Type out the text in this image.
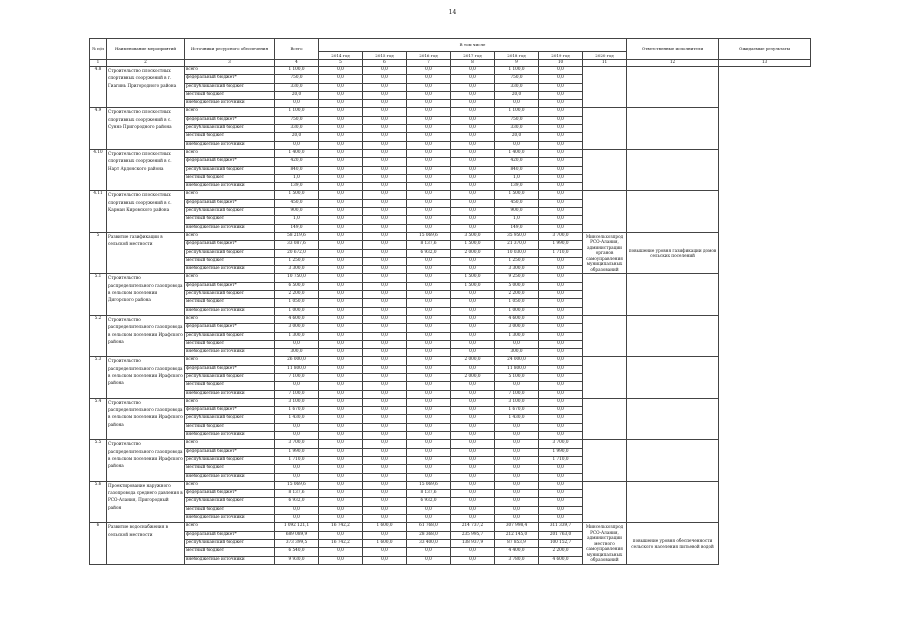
14
№ п/п	Наименование мероприятий	Источники ресурсного обеспечения	Всего	В том числе							Ответственные исполнители	Ожидаемые результаты
				2014 год	2015 год	2016 год	2017 год	2018 год	2019 год	2020 год		
1	2	3	4	5	6	7	8	9	10	11	12	13
4.8	Строительство плоскостных спортивных сооружений в г. Гиагинь Пригородного района	всего	1 100,0	0,0	0,0	0,0	0,0	1 100,0	0,0			
		федеральный бюджет*	750,0	0,0	0,0	0,0	0,0	750,0	0,0			
		республиканский бюджет	330,0	0,0	0,0	0,0	0,0	330,0	0,0			
		местный бюджет	20,0	0,0	0,0	0,0	0,0	20,0	0,0			
		внебюджетные источники	0,0	0,0	0,0	0,0	0,0	0,0	0,0			
4.9	Строительство плоскостных спортивных сооружений в с. Суннэ Пригородного района	всего	1 100,0	0,0	0,0	0,0	0,0	1 100,0	0,0			
		федеральный бюджет*	750,0	0,0	0,0	0,0	0,0	750,0	0,0			
		республиканский бюджет	330,0	0,0	0,0	0,0	0,0	330,0	0,0			
		местный бюджет	20,0	0,0	0,0	0,0	0,0	20,0	0,0			
		внебюджетные источники	0,0	0,0	0,0	0,0	0,0	0,0	0,0			
4.10	Строительство плоскостных спортивных сооружений в с. Нарт Ардонского района	всего	1 400,0	0,0	0,0	0,0	0,0	1 400,0	0,0			
		федеральный бюджет*	420,0	0,0	0,0	0,0	0,0	420,0	0,0			
		республиканский бюджет	840,0	0,0	0,0	0,0	0,0	840,0	0,0			
		местный бюджет	1,0	0,0	0,0	0,0	0,0	1,0	0,0			
		внебюджетные источники	139,0	0,0	0,0	0,0	0,0	139,0	0,0			
4.11	Строительство плоскостных спортивных сооружений в с. Карман Кировского района	всего	1 500,0	0,0	0,0	0,0	0,0	1 500,0	0,0			
		федеральный бюджет*	450,0	0,0	0,0	0,0	0,0	450,0	0,0			
		республиканский бюджет	900,0	0,0	0,0	0,0	0,0	900,0	0,0			
		местный бюджет	1,0	0,0	0,0	0,0	0,0	1,0	0,0			
		внебюджетные источники	149,0	0,0	0,0	0,0	0,0	149,0	0,0			
5	Развитие газификации в сельской местности	всего	58 219,6	0,0	0,0	15 069,6	3 500,0	35 950,0	3 700,0	Минсельхозпрод РСО-Алания, администрации органов самоуправления муниципальных образований	повышение уровня газификации домов сельских поселений	
		федеральный бюджет*	33 087,6	0,0	0,0	8 137,6	1 500,0	21 370,0	1 990,0			
		республиканский бюджет	20 672,0	0,0	0,0	6 932,0	2 000,0	10 030,0	1 710,0			
		местный бюджет	1 250,0	0,0	0,0	0,0	0,0	1 250,0	0,0			
		внебюджетные источники	3 300,0	0,0	0,0	0,0	0,0	3 300,0	0,0			
5.1	Строительство распределительного газопровода в сельском поселении Дигорского района	всего	10 750,0	0,0	0,0	0,0	1 500,0	9 250,0	0,0			
		федеральный бюджет*	6 500,0	0,0	0,0	0,0	1 500,0	5 000,0	0,0			
		республиканский бюджет	2 200,0	0,0	0,0	0,0	0,0	2 200,0	0,0			
		местный бюджет	1 050,0	0,0	0,0	0,0	0,0	1 050,0	0,0			
		внебюджетные источники	1 000,0	0,0	0,0	0,0	0,0	1 000,0	0,0			
5.2	Строительство распределительного газопровода в сельском поселении Ирафского района	всего	4 600,0	0,0	0,0	0,0	0,0	4 600,0	0,0			
		федеральный бюджет*	3 000,0	0,0	0,0	0,0	0,0	3 000,0	0,0			
		республиканский бюджет	1 300,0	0,0	0,0	0,0	0,0	1 300,0	0,0			
		местный бюджет	0,0	0,0	0,0	0,0	0,0	0,0	0,0			
		внебюджетные источники	300,0	0,0	0,0	0,0	0,0	300,0	0,0			
5.3	Строительство распределительного газопровода в сельском поселении Ирафского района	всего	26 000,0	0,0	0,0	0,0	2 000,0	24 000,0	0,0			
		федеральный бюджет*	11 800,0	0,0	0,0	0,0	0,0	11 800,0	0,0			
		республиканский бюджет	7 100,0	0,0	0,0	0,0	2 000,0	5 100,0	0,0			
		местный бюджет	0,0	0,0	0,0	0,0	0,0	0,0	0,0			
		внебюджетные источники	7 100,0	0,0	0,0	0,0	0,0	7 100,0	0,0			
5.4	Строительство распределительного газопровода в сельском поселении Ирафского района	всего	3 100,0	0,0	0,0	0,0	0,0	3 100,0	0,0			
		федеральный бюджет*	1 670,0	0,0	0,0	0,0	0,0	1 670,0	0,0			
		республиканский бюджет	1 430,0	0,0	0,0	0,0	0,0	1 430,0	0,0			
		местный бюджет	0,0	0,0	0,0	0,0	0,0	0,0	0,0			
		внебюджетные источники	0,0	0,0	0,0	0,0	0,0	0,0	0,0			
5.5	Строительство распределительного газопровода в сельском поселении Ирафского района	всего	3 700,0	0,0	0,0	0,0	0,0	0,0	3 700,0			
		федеральный бюджет*	1 990,0	0,0	0,0	0,0	0,0	0,0	1 990,0			
		республиканский бюджет	1 710,0	0,0	0,0	0,0	0,0	0,0	1 710,0			
		местный бюджет	0,0	0,0	0,0	0,0	0,0	0,0	0,0			
		внебюджетные источники	0,0	0,0	0,0	0,0	0,0	0,0	0,0			
5.6	Проектирование наружного газопровода среднего давления в РСО-Алания, Пригородный район	всего	15 069,6	0,0	0,0	15 069,6	0,0	0,0	0,0			
		федеральный бюджет*	8 137,6	0,0	0,0	8 137,6	0,0	0,0	0,0			
		республиканский бюджет	6 932,0	0,0	0,0	6 932,0	0,0	0,0	0,0			
		местный бюджет	0,0	0,0	0,0	0,0	0,0	0,0	0,0			
		внебюджетные источники	0,0	0,0	0,0	0,0	0,0	0,0	0,0			
6	Развитие водоснабжения в сельской местности	всего	1 092 121,1	16 742,2	1 600,0	61 768,0	214 737,2	307 998,4	311 339,7	Минсельхозпрод РСО-Алания, администрации местного самоуправления муниципальных образований	повышение уровня обеспеченности сельского населения питьевой водой	
		федеральный бюджет*	689 089,9	0,0	0,0	28 368,0	235 995,7	212 145,0	201 763,0			
		республиканский бюджет	373 399,5	16 742,2	1 600,0	33 400,0	138 937,9	87 853,9	100 152,7			
		местный бюджет	6 540,0	0,0	0,0	0,0	0,0	4 400,0	2 200,0			
		внебюджетные источники	9 930,0	0,0	0,0	0,0	0,0	3 780,0	4 600,0			
